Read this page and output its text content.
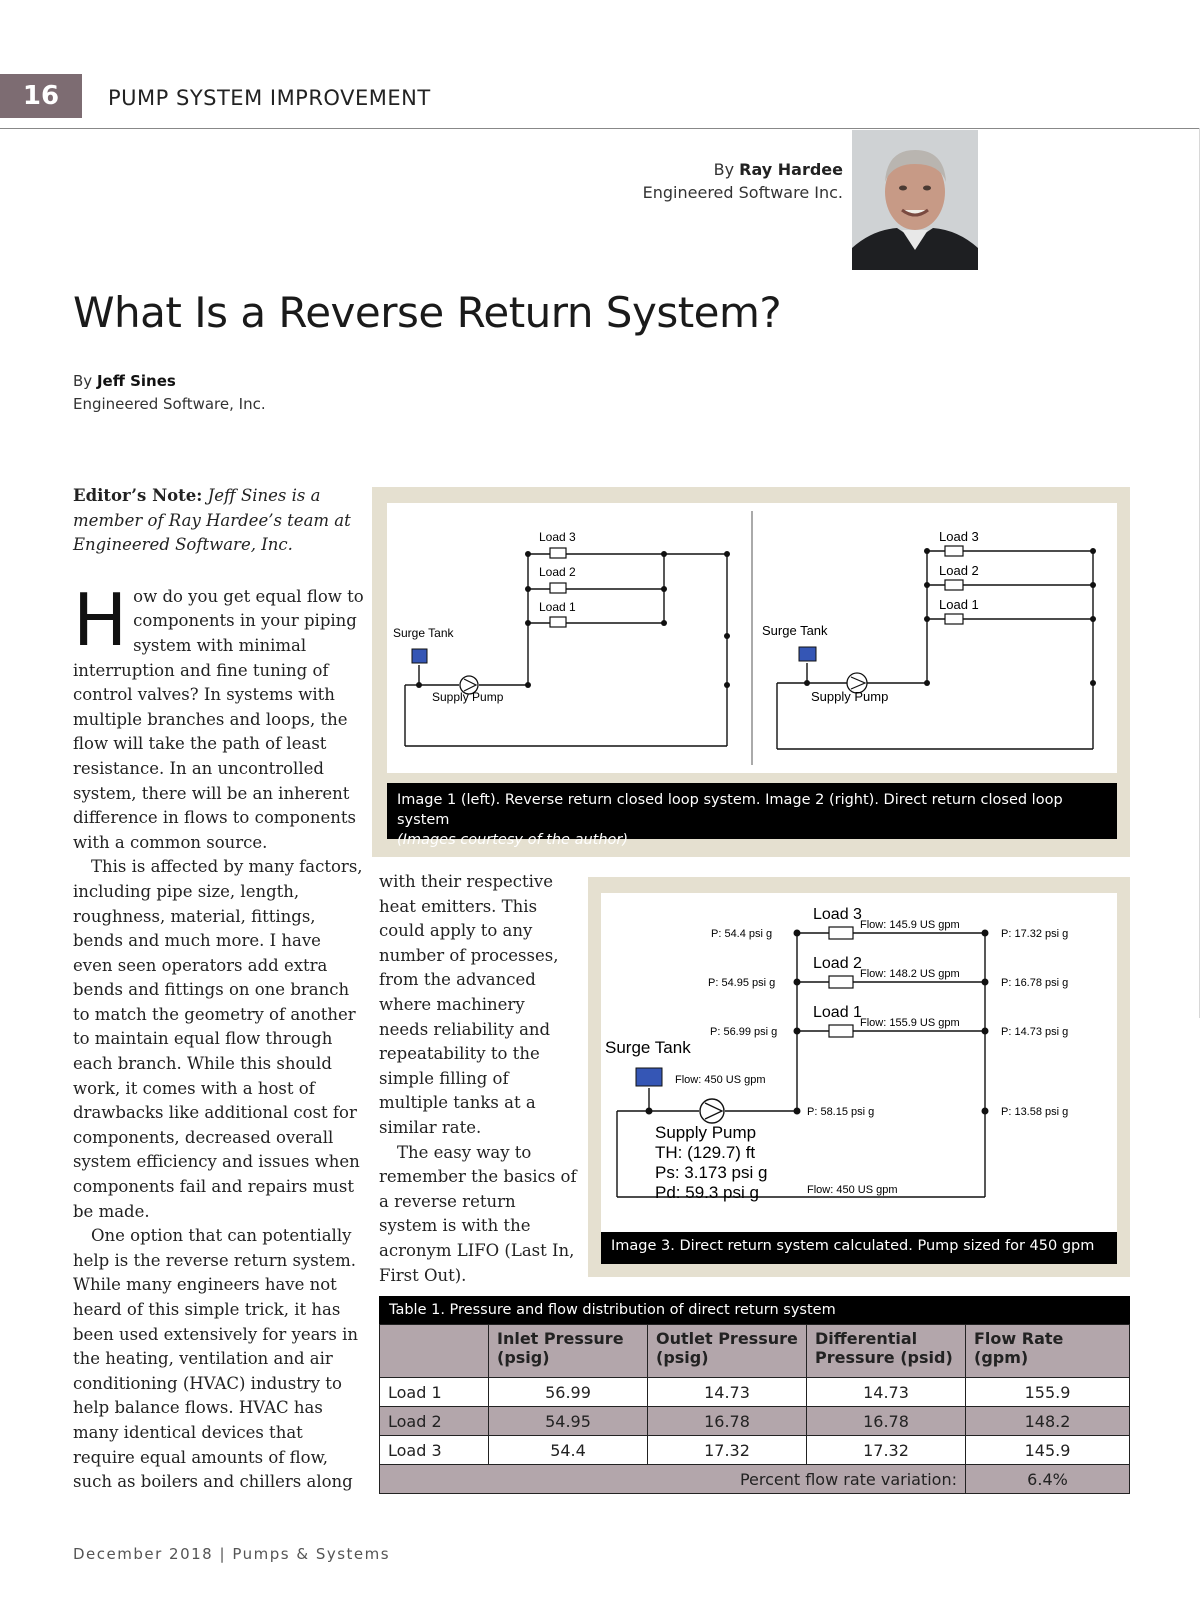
16	PUMP SYSTEM IMPROVEMENT
By Ray Hardee
Engineered Software Inc.
What Is a Reverse Return System?
By Jeff Sines
Engineered Software, Inc.

Editor’s Note: Jeff Sines is a member of Ray Hardee’s team at Engineered Software, Inc.

How do you get equal flow to components in your piping system with minimal interruption and fine tuning of control valves? In systems with multiple branches and loops, the flow will take the path of least resistance. In an uncontrolled system, there will be an inherent difference in flows to components with a common source.

This is affected by many factors, including pipe size, length, roughness, material, fittings, bends and much more. I have even seen operators add extra bends and fittings on one branch to match the geometry of another to maintain equal flow through each branch. While this should work, it comes with a host of drawbacks like additional cost for components, decreased overall system efficiency and issues when components fail and repairs must be made.

One option that can potentially help is the reverse return system. While many engineers have not heard of this simple trick, it has been used extensively for years in the heating, ventilation and air conditioning (HVAC) industry to help balance flows. HVAC has many identical devices that require equal amounts of flow, such as boilers and chillers along

with their respective heat emitters. This could apply to any number of processes, from the advanced where machinery needs reliability and repeatability to the simple filling of multiple tanks at a similar rate.

The easy way to remember the basics of a reverse return system is with the acronym LIFO (Last In, First Out).

Load 3
Load 2
Load 1
Surge Tank
Supply Pump
Load 3
Load 2
Load 1
Surge Tank
Supply Pump
Image 1 (left). Reverse return closed loop system. Image 2 (right). Direct return closed loop system
(Images courtesy of the author)
Load 3
Load 2
Load 1
Flow: 145.9 US gpm
Flow: 148.2 US gpm
Flow: 155.9 US gpm
P: 54.4 psi g
P: 54.95 psi g
P: 56.99 psi g
P: 58.15 psi g
P: 17.32 psi g
P: 16.78 psi g
P: 14.73 psi g
P: 13.58 psi g
Surge Tank
Flow: 450 US gpm
Supply Pump
TH: (129.7) ft
Ps: 3.173 psi g
Pd: 59.3 psi g	Flow: 450 US gpm
Image 3. Direct return system calculated. Pump sized for 450 gpm
Table 1. Pressure and flow distribution of direct return system
	Inlet Pressure (psig)	Outlet Pressure (psig)	Differential Pressure (psid)	Flow Rate (gpm)
Load 1	56.99	14.73	14.73	155.9
Load 2	54.95	16.78	16.78	148.2
Load 3	54.4	17.32	17.32	145.9
Percent flow rate variation:				6.4%
December 2018 | Pumps & Systems
